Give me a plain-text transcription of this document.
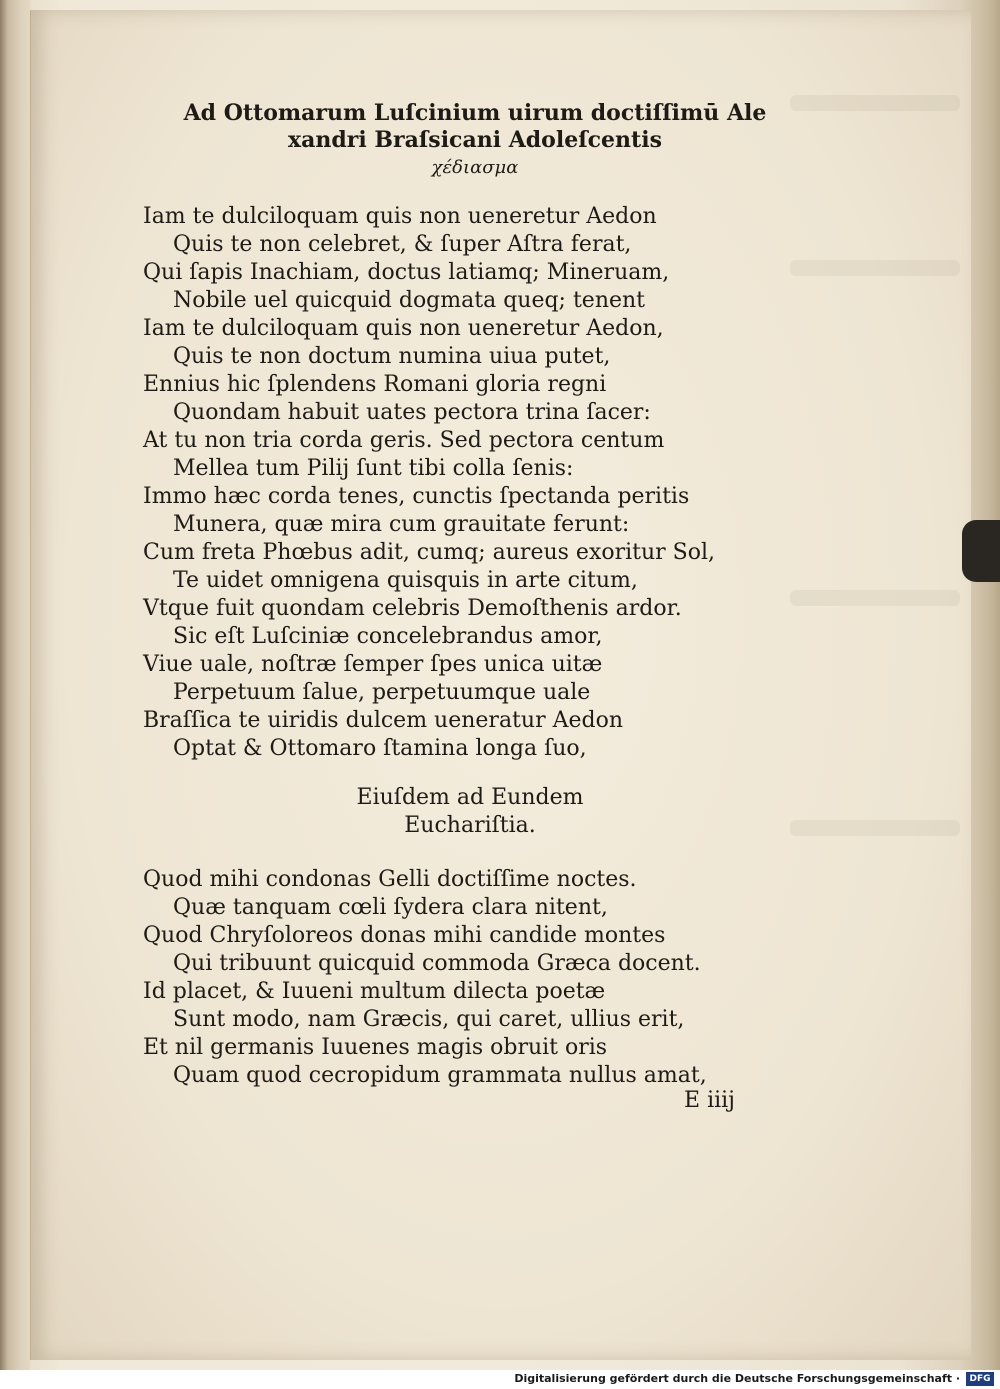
Ad Ottomarum Luſcinium uirum doctiſſimū Ale
xandri Braſsicani Adoleſcentis
χέδιασμα
Iam te dulciloquam quis non ueneretur Aedon
Quis te non celebret, & ſuper Aſtra ferat,
Qui ſapis Inachiam, doctus latiamq; Mineruam,
Nobile uel quicquid dogmata queq; tenent
Iam te dulciloquam quis non ueneretur Aedon,
Quis te non doctum numina uiua putet,
Ennius hic ſplendens Romani gloria regni
Quondam habuit uates pectora trina ſacer:
At tu non tria corda geris. Sed pectora centum
Mellea tum Pilij ſunt tibi colla ſenis:
Immo hæc corda tenes, cunctis ſpectanda peritis
Munera, quæ mira cum grauitate ferunt:
Cum freta Phœbus adit, cumq; aureus exoritur Sol,
Te uidet omnigena quisquis in arte citum,
Vtque fuit quondam celebris Demoſthenis ardor.
Sic eſt Luſciniæ concelebrandus amor,
Viue uale, noſtræ ſemper ſpes unica uitæ
Perpetuum ſalue, perpetuumque uale
Braſſica te uiridis dulcem ueneratur Aedon
Optat & Ottomaro ſtamina longa ſuo,
Eiuſdem ad Eundem
Euchariſtia.
Quod mihi condonas Gelli doctiſſime noctes.
Quæ tanquam cœli ſydera clara nitent,
Quod Chryſoloreos donas mihi candide montes
Qui tribuunt quicquid commoda Græca docent.
Id placet, & Iuueni multum dilecta poetæ
Sunt modo, nam Græcis, qui caret, ullius erit,
Et nil germanis Iuuenes magis obruit oris
Quam quod cecropidum grammata nullus amat,
E iiij
Digitalisierung gefördert durch die Deutsche Forschungsgemeinschaft ·	DFG
